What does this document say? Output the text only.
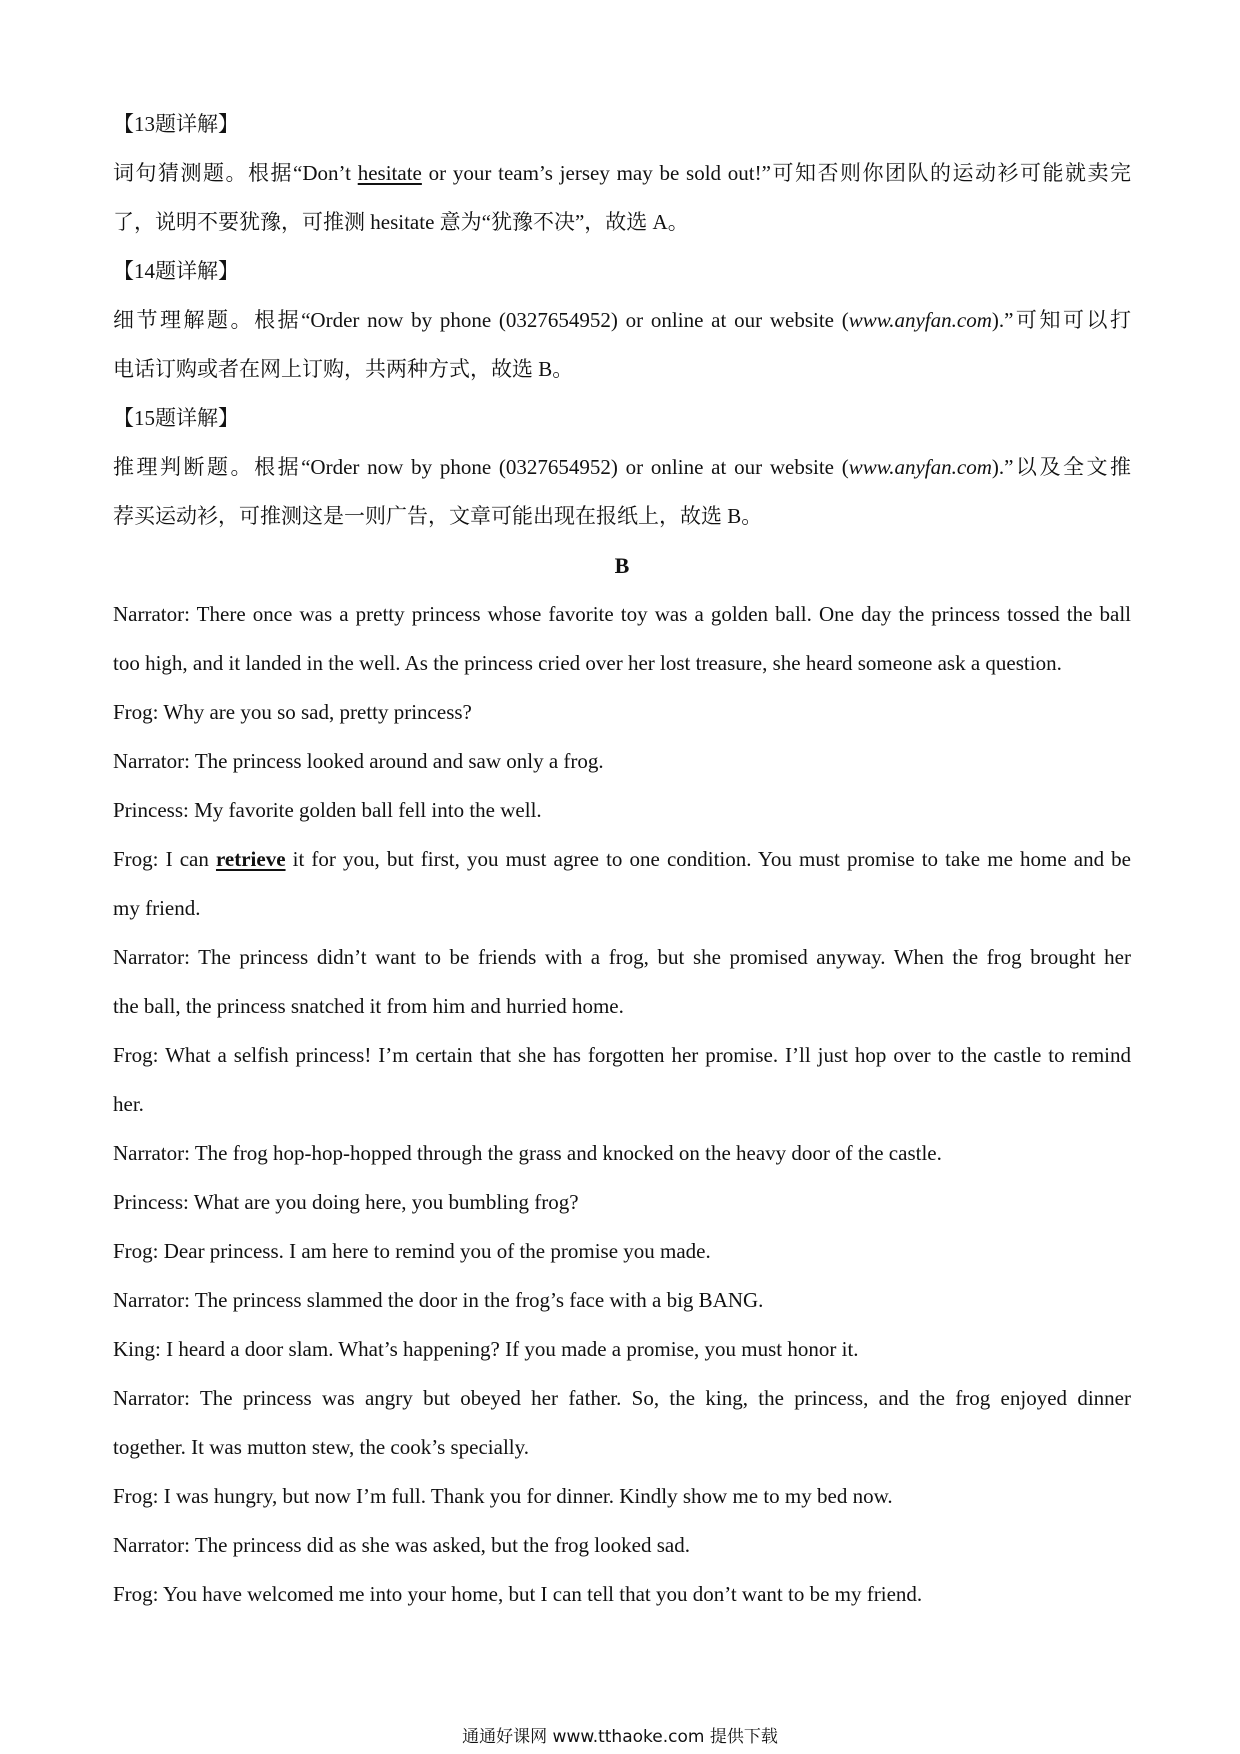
【13题详解】
词句猜测题。根据“Don’t hesitate or your team’s jersey may be sold out!”可知否则你团队的运动衫可能就卖完
了，说明不要犹豫，可推测 hesitate 意为“犹豫不决”，故选 A。
【14题详解】
细节理解题。根据“Order now by phone (0327654952) or online at our website (www.anyfan.com).”可知可以打
电话订购或者在网上订购，共两种方式，故选 B。
【15题详解】
推理判断题。根据“Order now by phone (0327654952) or online at our website (www.anyfan.com).”以及全文推
荐买运动衫，可推测这是一则广告，文章可能出现在报纸上，故选 B。
B
Narrator: There once was a pretty princess whose favorite toy was a golden ball. One day the princess tossed the ball
too high, and it landed in the well. As the princess cried over her lost treasure, she heard someone ask a question.
Frog: Why are you so sad, pretty princess?
Narrator: The princess looked around and saw only a frog.
Princess: My favorite golden ball fell into the well.
Frog: I can retrieve it for you, but first, you must agree to one condition. You must promise to take me home and be
my friend.
Narrator: The princess didn’t want to be friends with a frog, but she promised anyway. When the frog brought her
the ball, the princess snatched it from him and hurried home.
Frog: What a selfish princess! I’m certain that she has forgotten her promise. I’ll just hop over to the castle to remind
her.
Narrator: The frog hop-hop-hopped through the grass and knocked on the heavy door of the castle.
Princess: What are you doing here, you bumbling frog?
Frog: Dear princess. I am here to remind you of the promise you made.
Narrator: The princess slammed the door in the frog’s face with a big BANG.
King: I heard a door slam. What’s happening? If you made a promise, you must honor it.
Narrator: The princess was angry but obeyed her father. So, the king, the princess, and the frog enjoyed dinner
together. It was mutton stew, the cook’s specially.
Frog: I was hungry, but now I’m full. Thank you for dinner. Kindly show me to my bed now.
Narrator: The princess did as she was asked, but the frog looked sad.
Frog: You have welcomed me into your home, but I can tell that you don’t want to be my friend.
通通好课网 www.tthaoke.com 提供下载
